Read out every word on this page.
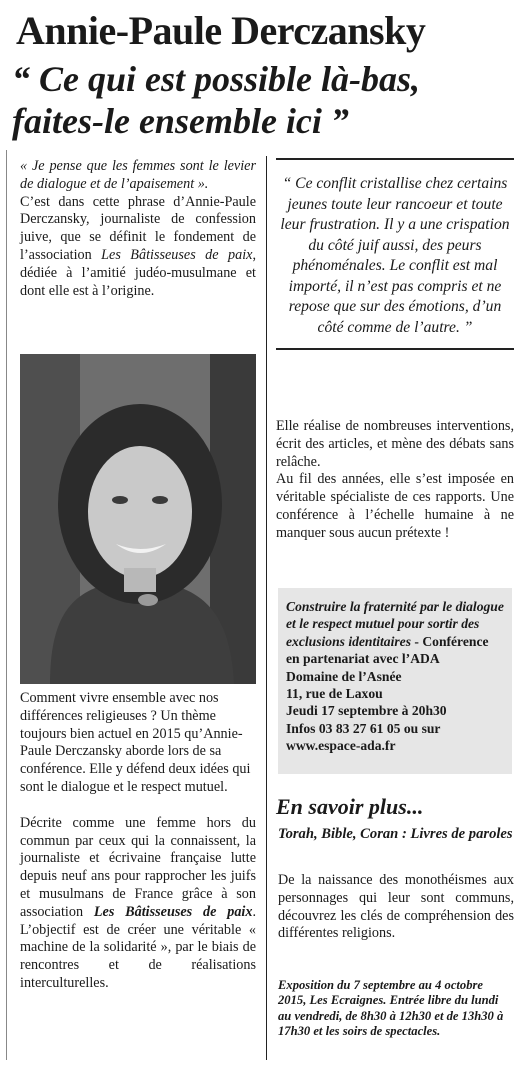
Annie-Paule Derczansky
“ Ce qui est possible là-bas,
faites-le ensemble ici ”

« Je pense que les femmes sont le levier de dialogue et de l’apaisement ».

C’est dans cette phrase d’Annie-Paule Derczansky, journaliste de confession juive, que se définit le fondement de l’association Les Bâtisseuses de paix, dédiée à l’amitié judéo-musulmane et dont elle est à l’origine.

Comment vivre ensemble avec nos différences religieuses ? Un thème toujours bien actuel en 2015 qu’Annie-Paule Derczansky aborde lors de sa conférence. Elle y défend deux idées qui sont le dialogue et le respect mutuel.

Décrite comme une femme hors du commun par ceux qui la connaissent, la journaliste et écrivaine française lutte depuis neuf ans pour rapprocher les juifs et musulmans de France grâce à son association Les Bâtisseuses de paix. L’objectif est de créer une véritable « machine de la solidarité », par le biais de rencontres et de réalisations interculturelles.

“ Ce conflit cristallise chez certains jeunes toute leur rancoeur et toute leur frustration. Il y a une crispation du côté juif aussi, des peurs phénoménales. Le conflit est mal importé, il n’est pas compris et ne repose que sur des émotions, d’un côté comme de l’autre. ”

Elle réalise de nombreuses interventions, écrit des articles, et mène des débats sans relâche.

Au fil des années, elle s’est imposée en véritable spécialiste de ces rapports. Une conférence à l’échelle humaine à ne manquer sous aucun prétexte !

Construire la fraternité par le dialogue et le respect mutuel pour sortir des exclusions identitaires - Conférence en partenariat avec l’ADA
Domaine de l’Asnée
11, rue de Laxou
Jeudi 17 septembre à 20h30
Infos 03 83 27 61 05 ou sur
www.espace-ada.fr
En savoir plus...
Torah, Bible, Coran : Livres de paroles
De la naissance des monothéismes aux personnages qui leur sont communs, découvrez les clés de compréhension des différentes religions.
Exposition du 7 septembre au 4 octobre 2015, Les Ecraignes. Entrée libre du lundi au vendredi, de 8h30 à 12h30 et de 13h30 à 17h30 et les soirs de spectacles.
